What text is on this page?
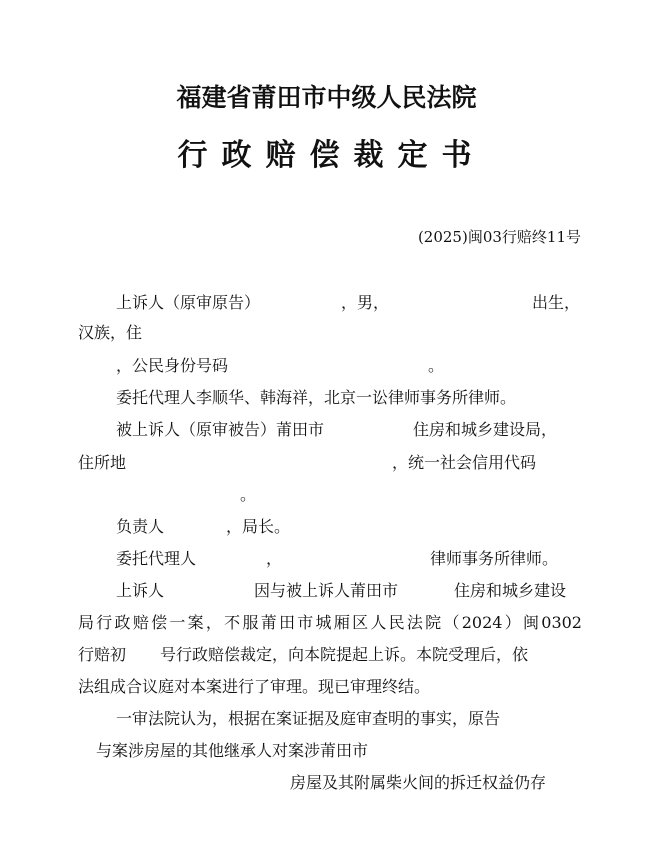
福建省莆田市中级人民法院
行政赔偿裁定书
(2025)闽03行赔终11号
上诉人（原审原告）	，男，	出生，
汉族，住
，公民身份号码	。
委托代理人李顺华、韩海祥，北京一讼律师事务所律师。
被上诉人（原审被告）莆田市	住房和城乡建设局，
住所地	，统一社会信用代码
。
负责人	，局长。
委托代理人	，	律师事务所律师。
上诉人	因与被上诉人莆田市	住房和城乡建设
局行政赔偿一案，不服莆田市城厢区人民法院（2024）闽0302
行赔初 号行政赔偿裁定，向本院提起上诉。本院受理后，依
法组成合议庭对本案进行了审理。现已审理终结。
一审法院认为，根据在案证据及庭审查明的事实，原告
与案涉房屋的其他继承人对案涉莆田市
房屋及其附属柴火间的拆迁权益仍存
